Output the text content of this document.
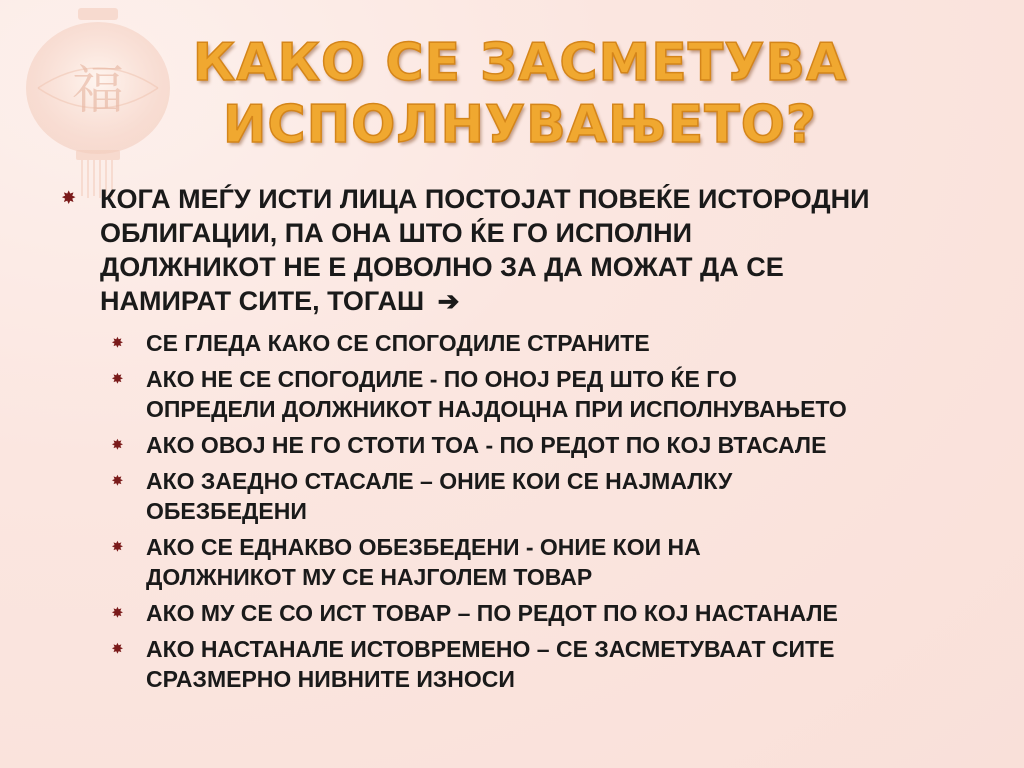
福	КАКО СЕ ЗАСМЕТУВА
ИСПОЛНУВАЊЕТО?
✸ КОГА МЕЃУ ИСТИ ЛИЦА ПОСТОЈАТ ПОВЕЌЕ ИСТОРОДНИ
ОБЛИГАЦИИ, ПА ОНА ШТО ЌЕ ГО ИСПОЛНИ
ДОЛЖНИКОТ НЕ Е ДОВОЛНО ЗА ДА МОЖАТ ДА СЕ
НАМИРАТ СИТЕ, ТОГАШ ➔
✸ СЕ ГЛЕДА КАКО СЕ СПОГОДИЛЕ СТРАНИТЕ
✸ АКО НЕ СЕ СПОГОДИЛЕ - ПО ОНОЈ РЕД ШТО ЌЕ ГО
ОПРЕДЕЛИ ДОЛЖНИКОТ НАЈДОЦНА ПРИ ИСПОЛНУВАЊЕТО
✸ АКО ОВОЈ НЕ ГО СТОТИ ТОА - ПО РЕДОТ ПО КОЈ ВТАСАЛЕ
✸ АКО ЗАЕДНО СТАСАЛЕ – ОНИЕ КОИ СЕ НАЈМАЛКУ
ОБЕЗБЕДЕНИ
✸ АКО СЕ ЕДНАКВО ОБЕЗБЕДЕНИ - ОНИЕ КОИ НА
ДОЛЖНИКОТ МУ СЕ НАЈГОЛЕМ ТОВАР
✸ АКО МУ СЕ СО ИСТ ТОВАР – ПО РЕДОТ ПО КОЈ НАСТАНАЛЕ
✸ АКО НАСТАНАЛЕ ИСТОВРЕМЕНО – СЕ ЗАСМЕТУВААТ СИТЕ
СРАЗМЕРНО НИВНИТЕ ИЗНОСИ
